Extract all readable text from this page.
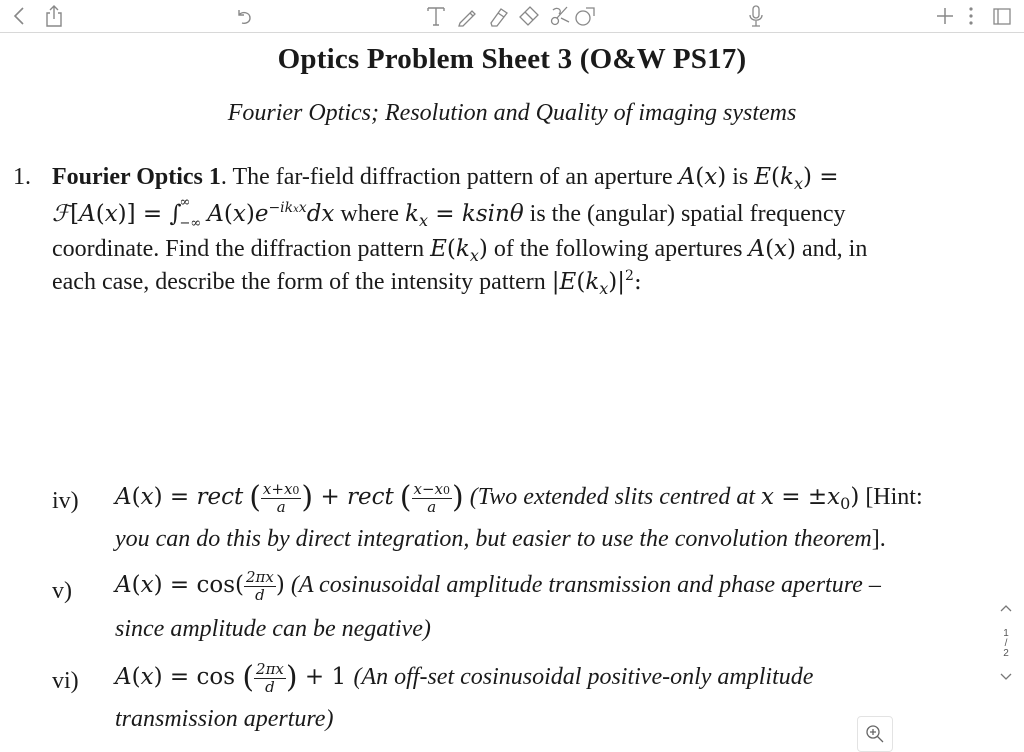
Optics Problem Sheet 3 (O&W PS17)
Fourier Optics; Resolution and Quality of imaging systems
1. Fourier Optics 1. The far-field diffraction pattern of an aperture A(x) is $E(k_x)$ =
ℱ[A(x)] = ∫
∞
−∞ $A(x)e^{-ikxx}dx$ where $k_x = ksin\theta$ is the (angular) spatial frequency
coordinate. Find the diffraction pattern $E(k_x)$ of the following apertures A(x) and, in
each case, describe the form of the intensity pattern $|E(k_x)|^2$:
iv) A(x) = rect ( $\frac{x+x0}{a}$ ) + rect ( $\frac{x-x0}{a}$ ) (Two extended slits centred at $x = \pm x_0$) [Hint:
you can do this by direct integration, but easier to use the convolution theorem].
v) $A(x) = \cos( \frac{2\pi x}{d}$ ) (A cosinusoidal amplitude transmission and phase aperture –
since amplitude can be negative)
vi) A(x) = cos ( $\frac{2\pi x}{d}$ ) + 1 (An off-set cosinusoidal positive-only amplitude
transmission aperture)
1
/
2
